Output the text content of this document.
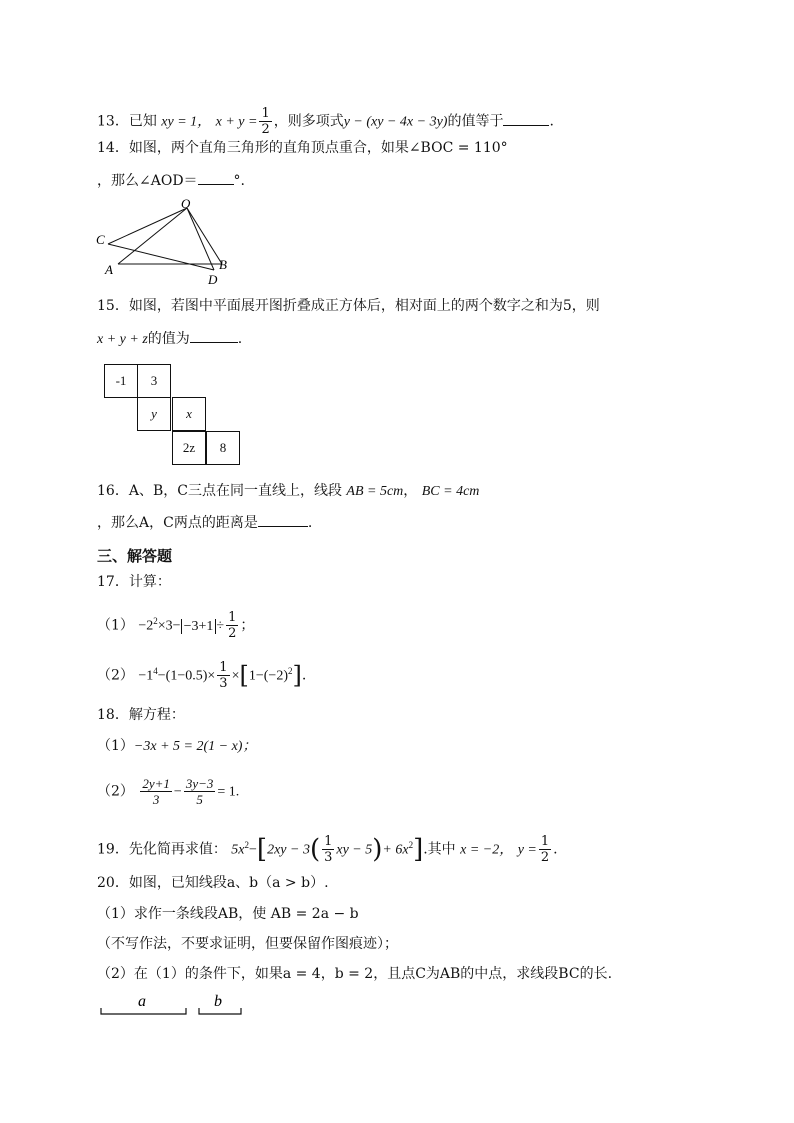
13．已知 xy = 1， $x + y = \frac{1}{2}$ ，则多项式y − (xy − 4x − 3y)的值等于	.
14．如图，两个直角三角形的直角顶点重合，如果∠BOC = 110°
，那么∠AOD＝	°.
O
C
A	B
D
15．如图，若图中平面展开图折叠成正方体后，相对面上的两个数字之和为5，则
x + y + z的值为	.
-1	3
y	x
2z	8
16．A、B，C三点在同一直线上，线段 AB = 5cm， BC = 4cm
，那么A，C两点的距离是	.
三、解答题
17．计算：
$(1) -2^2\times 3- -3+1 \div \frac{1}{2}$ ；
$(2) -1^4-(1-0.5)\times \frac{1}{3} \times[1-(-2)^2]$.
18．解方程：
（1）−3x + 5 = 2(1 − x)；
$(2) \frac{2y+1}{3} - \frac{3y-3}{5} = 1$.
19．先化简再求值： $5x^2-[2xy - 3( \frac{1}{3}$ xy − $5)+ 6x^2$].其中 x = −2， $y = \frac{1}{2}$ .
20．如图，已知线段a、b（a > b）.
（1）求作一条线段AB，使 AB = 2a − b
（不写作法，不要求证明，但要保留作图痕迹）；
（2）在（1）的条件下，如果a = 4，b = 2，且点C为AB的中点，求线段BC的长.
a	b
